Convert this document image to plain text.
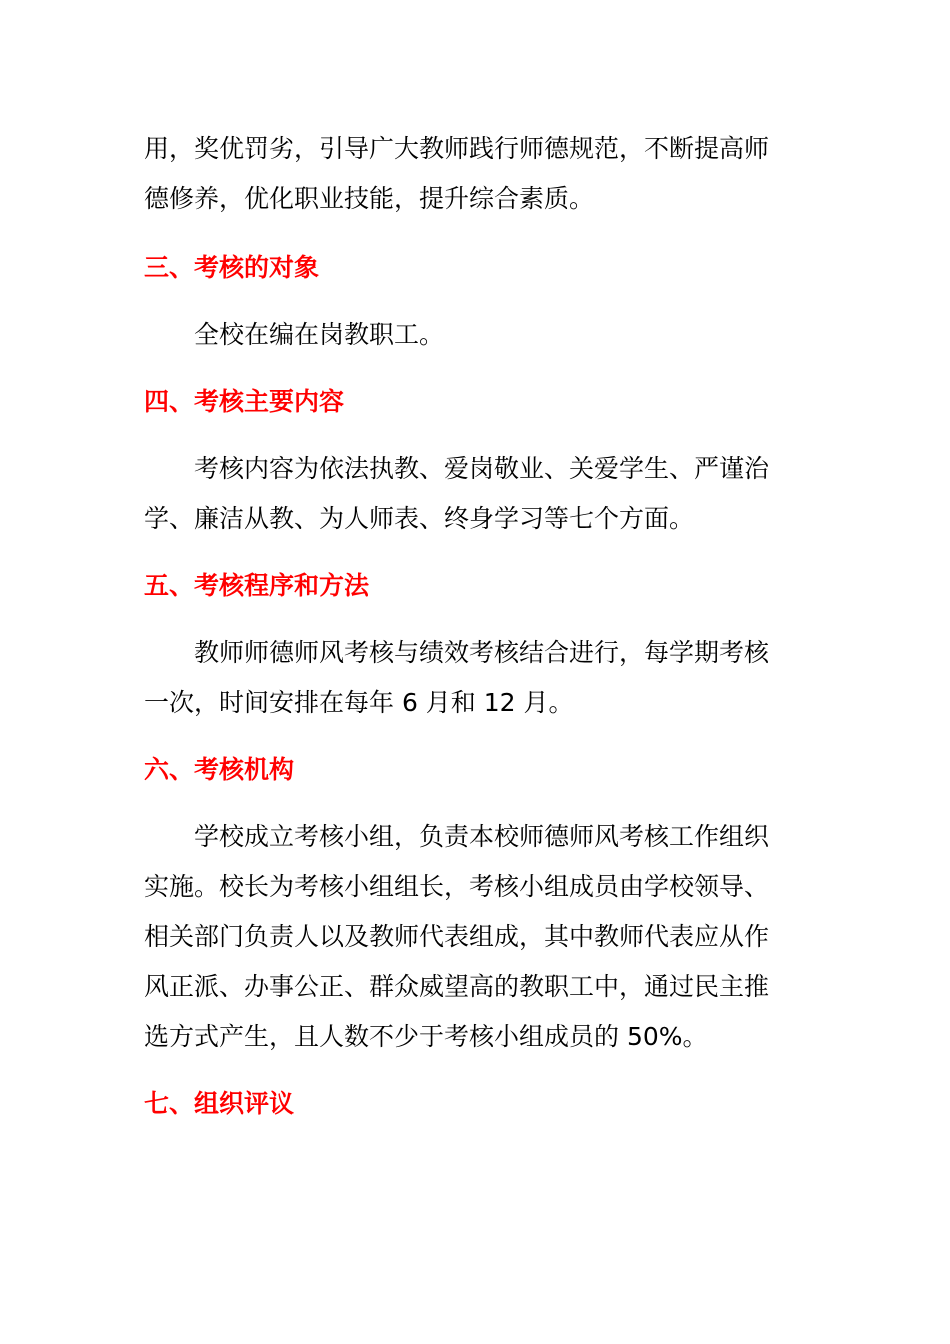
用，奖优罚劣，引导广大教师践行师德规范，不断提高师

德修养，优化职业技能，提升综合素质。

三、考核的对象

全校在编在岗教职工。

四、考核主要内容

考核内容为依法执教、爱岗敬业、关爱学生、严谨治

学、廉洁从教、为人师表、终身学习等七个方面。

五、考核程序和方法

教师师德师风考核与绩效考核结合进行，每学期考核

一次，时间安排在每年 6 月和 12 月。

六、考核机构

学校成立考核小组，负责本校师德师风考核工作组织

实施。校长为考核小组组长，考核小组成员由学校领导、

相关部门负责人以及教师代表组成，其中教师代表应从作

风正派、办事公正、群众威望高的教职工中，通过民主推

选方式产生，且人数不少于考核小组成员的 50%。

七、组织评议
